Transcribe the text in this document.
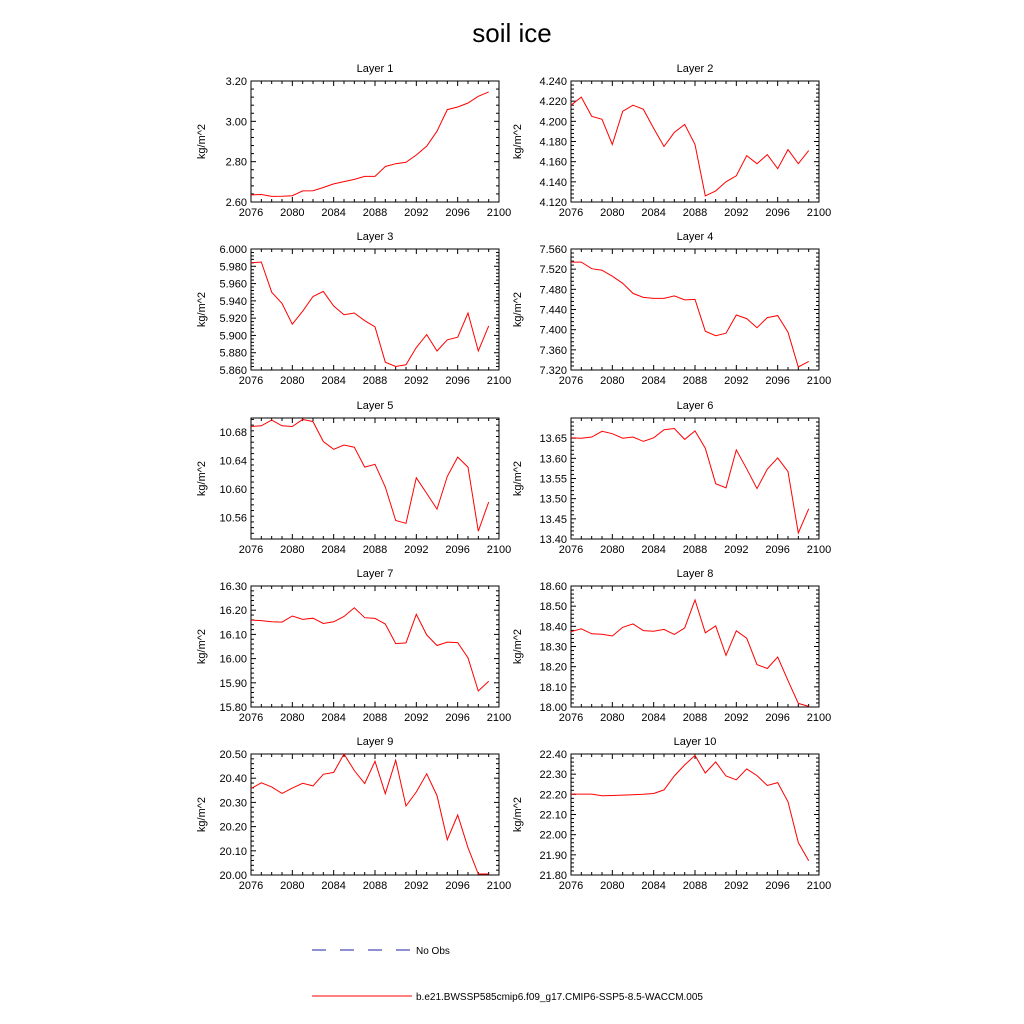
soil ice
Layer 1
kg/m^2
2076 2080 2084 2088 2092 2096 2100
2.60
2.80
3.00
3.20
Layer 2
kg/m^2
2076 2080 2084 2088 2092 2096 2100
4.120
4.140
4.160
4.180
4.200
4.220
4.240
Layer 3
kg/m^2
2076 2080 2084 2088 2092 2096 2100
5.860
5.880
5.900
5.920
5.940
5.960
5.980
6.000
Layer 4
kg/m^2
2076 2080 2084 2088 2092 2096 2100
7.320
7.360
7.400
7.440
7.480
7.520
7.560
Layer 5
kg/m^2
2076 2080 2084 2088 2092 2096 2100
10.56
10.60
10.64
10.68
Layer 6
kg/m^2
2076 2080 2084 2088 2092 2096 2100
13.40
13.45
13.50
13.55
13.60
13.65
Layer 7
kg/m^2
2076 2080 2084 2088 2092 2096 2100
15.80
15.90
16.00
16.10
16.20
16.30
Layer 8
kg/m^2
2076 2080 2084 2088 2092 2096 2100
18.00
18.10
18.20
18.30
18.40
18.50
18.60
Layer 9
kg/m^2
2076 2080 2084 2088 2092 2096 2100
20.00
20.10
20.20
20.30
20.40
20.50
Layer 10
kg/m^2
2076 2080 2084 2088 2092 2096 2100
21.80
21.90
22.00
22.10
22.20
22.30
22.40
No Obs
b.e21.BWSSP585cmip6.f09_g17.CMIP6-SSP5-8.5-WACCM.005
